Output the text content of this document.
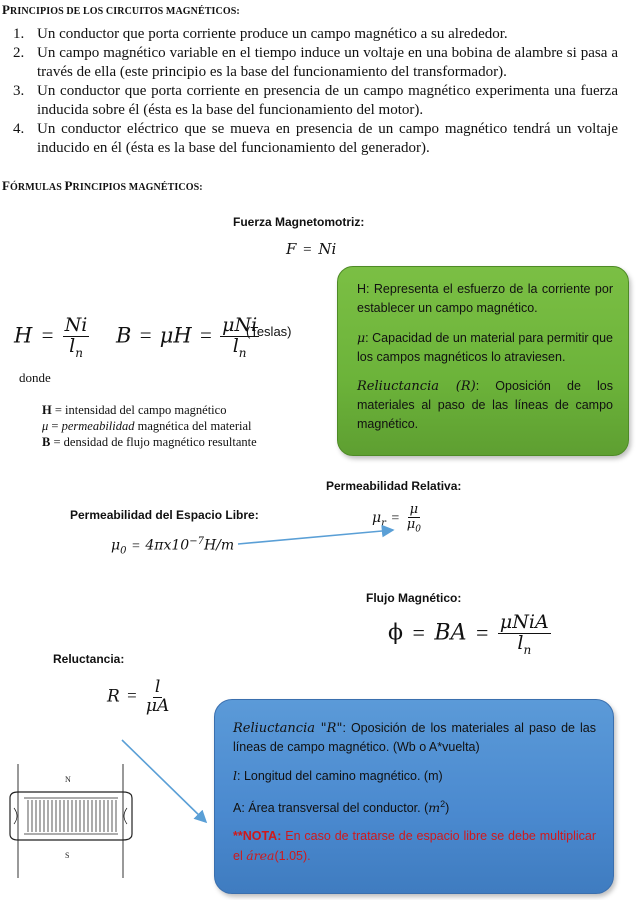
PRINCIPIOS DE LOS CIRCUITOS MAGNÉTICOS:
1. Un conductor que porta corriente produce un campo magnético a su alrededor.
2. Un campo magnético variable en el tiempo induce un voltaje en una bobina de alambre si pasa a través de ella (este principio es la base del funcionamiento del transformador).
3. Un conductor que porta corriente en presencia de un campo magnético experimenta una fuerza inducida sobre él (ésta es la base del funcionamiento del motor).
4. Un conductor eléctrico que se mueva en presencia de un campo magnético tendrá un voltaje inducido en él (ésta es la base del funcionamiento del generador).
FÓRMULAS PRINCIPIOS MAGNÉTICOS:
Fuerza Magnetomotriz:
F = Ni
$H = \frac{Ni}{l_n}$ $B = \mu H = \frac{\text{μNi}}{l_n}$
(Teslas)
donde
H = intensidad del campo magnético
μ = permeabilidad magnética del material
B = densidad de flujo magnético resultante

H: Representa el esfuerzo de la corriente por establecer un campo magnético.

μ: Capacidad de un material para permitir que los campos magnéticos lo atraviesen.

Reliuctancia (R): Oposición de los materiales al paso de las líneas de campo magnético.

Permeabilidad Relativa:
$\mu_r = \frac{\mu}{\mu_0}$
Permeabilidad del Espacio Libre:
$\mu_0 = 4\pi x10^{-7}H/m$
Flujo Magnético:
ϕ = BA = $\frac{\text{μNiA}}{l_n}$
Reluctancia:
$R = \frac{l}{\mu A}$
N
S

Reliuctancia "R": Oposición de los materiales al paso de las líneas de campo magnético. (Wb o A*vuelta)

l: Longitud del camino magnético. (m)

A: Área transversal del conductor. $(m^2)$

**NOTA: En caso de tratarse de espacio libre se debe multiplicar el área(1.05).
